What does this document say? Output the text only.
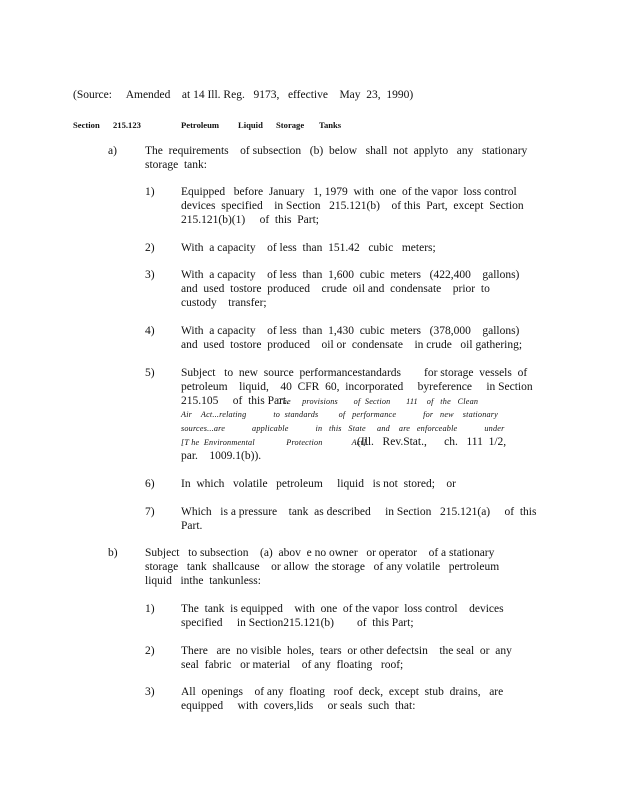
(Source:     Amended    at 14 Ill. Reg.   9173,   effective    May  23,  1990)
Section 215.123	Petroleum Liquid Storage Tanks
a) The  requirements    of subsection   (b)  below   shall  not  applyto   any   stationary
storage  tank:
1) Equipped   before  January   1, 1979  with  one  of the vapor  loss control
devices  specified    in Section   215.121(b)    of this  Part,  except  Section
215.121(b)(1)     of  this  Part;
2) With  a capacity    of less  than  151.42   cubic   meters;
3) With  a capacity    of less  than  1,600  cubic  meters   (422,400    gallons)
and  used  tostore  produced    crude  oil and  condensate    prior  to
custody    transfer;
4) With  a capacity    of less  than  1,430  cubic  meters   (378,000    gallons)
and  used  tostore  produced    oil or  condensate    in crude   oil gathering;
5) Subject   to  new  source  performancestandards        for storage  vessels  of
petroleum    liquid,    40  CFR  60,  incorporated     byreference     in Section
215.105     of  this Part.
The     provisions       of  Section       111    of   the   Clean
Air    Act...relating            to  standards         of   performance            for   new    stationary
sources...are            applicable            in   this   State     and    are   enforceable            under
[T he  Environmental              Protection             Act].
(Ill.   Rev.Stat.,      ch.   111  1/2,
par.    1009.1(b)).
6) In  which   volatile   petroleum     liquid   is not  stored;    or
7) Which   is a pressure    tank  as described     in Section   215.121(a)     of  this
Part.
b) Subject   to subsection    (a)  abov  e no owner   or operator    of a stationary
storage   tank  shallcause    or allow  the storage   of any volatile   pertroleum
liquid   inthe  tankunless:
1) The  tank  is equipped    with  one  of the vapor  loss control    devices
specified     in Section215.121(b)        of  this Part;
2) There   are  no visible  holes,  tears  or other defectsin    the seal  or  any
seal  fabric   or material    of any  floating   roof;
3) All  openings    of any  floating   roof  deck,  except  stub  drains,   are
equipped     with  covers,lids     or seals  such  that:
